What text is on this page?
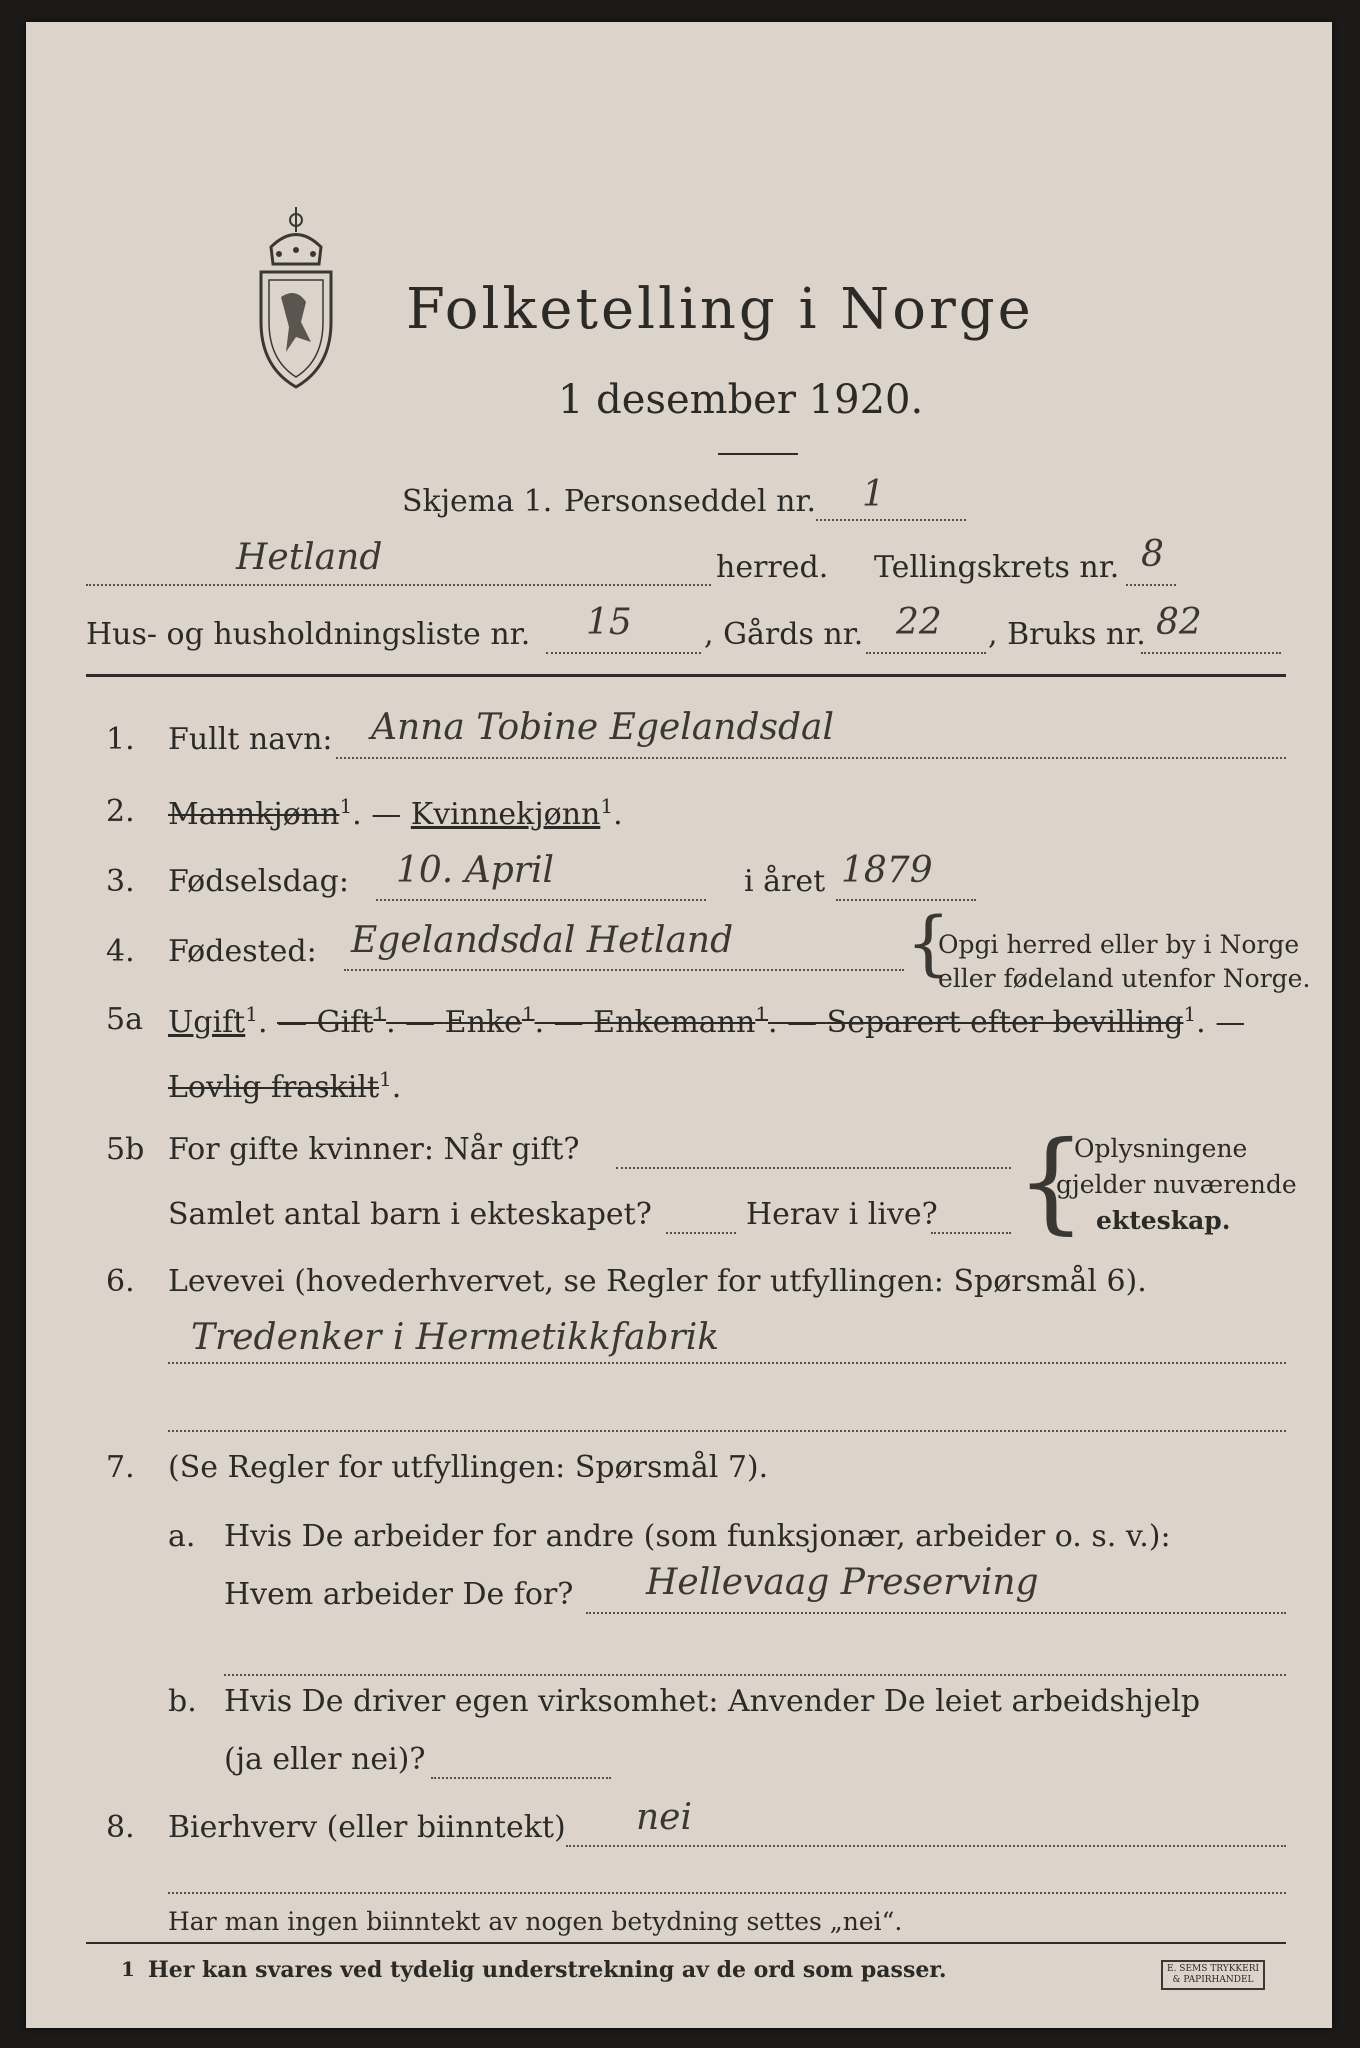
Folketelling i Norge
1 desember 1920.
Skjema 1. Personseddel nr. 1
Hetland	herred. Tellingskrets nr. 8
Hus- og husholdningsliste nr. 15 , Gårds nr. 22 , Bruks nr. 82
1. Fullt navn: Anna Tobine Egelandsdal
2. Mannkjønn$^1$. — Kvinnekjønn$^1$.
3. Fødselsdag: 10. April	i året 1879
4. Fødested: Egelandsdal Hetland {
Opgi herred eller by i Norge
eller fødeland utenfor Norge.
5a Ugift$^1$. — Gift$^1$. — Enke$^1$. — Enkemann$^1$. — Separert efter bevilling$^1$. —
Lovlig fraskilt$^1$.
5b For gifte kvinner: Når gift?
Samlet antal barn i ekteskapet?	Herav i live? {
Oplysningene
gjelder nuværende
ekteskap.
6. Levevei (hovederhvervet, se Regler for utfyllingen: Spørsmål 6).
Tredenker i Hermetikkfabrik
7. (Se Regler for utfyllingen: Spørsmål 7).
a. Hvis De arbeider for andre (som funksjonær, arbeider o. s. v.):
Hvem arbeider De for? Hellevaag Preserving
b. Hvis De driver egen virksomhet: Anvender De leiet arbeidshjelp
(ja eller nei)?
8. Bierhverv (eller biinntekt) nei
Har man ingen biinntekt av nogen betydning settes „nei“.
1 Her kan svares ved tydelig understrekning av de ord som passer.	E. SEMS TRYKKERI
& PAPIRHANDEL
